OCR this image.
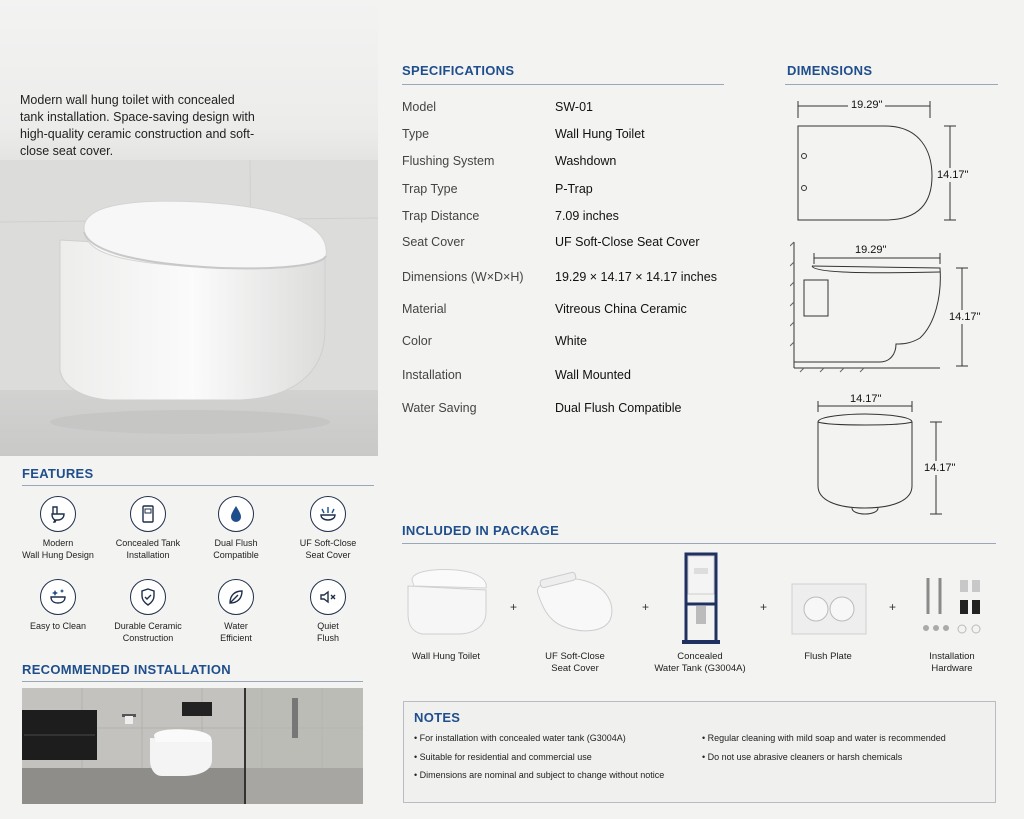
Modern wall hung toilet with concealed tank installation. Space-saving design with high-quality ceramic construction and soft-close seat cover.
FEATURES
Modern
Wall Hung Design
Concealed Tank
Installation
Dual Flush
Compatible
UF Soft-Close
Seat Cover
Easy to Clean	Durable Ceramic
Construction
Water
Efficient
Quiet
Flush
RECOMMENDED INSTALLATION
SPECIFICATIONS
Model	SW-01
Type	Wall Hung Toilet
Flushing System	Washdown
Trap Type	P-Trap
Trap Distance	7.09 inches
Seat Cover	UF Soft-Close Seat Cover
Dimensions (W×D×H)	19.29 × 14.17 × 14.17 inches
Material	Vitreous China Ceramic
Color	White
Installation	Wall Mounted
Water Saving	Dual Flush Compatible
DIMENSIONS
19.29"
14.17"
19.29"
14.17"
14.17"
14.17"
INCLUDED IN PACKAGE
+	+	+	+
Wall Hung Toilet	UF Soft-Close
Seat Cover
Concealed
Water Tank (G3004A)
Flush Plate	Installation
Hardware
NOTES
• For installation with concealed water tank (G3004A)
• Suitable for residential and commercial use
• Dimensions are nominal and subject to change without notice
• Regular cleaning with mild soap and water is recommended
• Do not use abrasive cleaners or harsh chemicals
